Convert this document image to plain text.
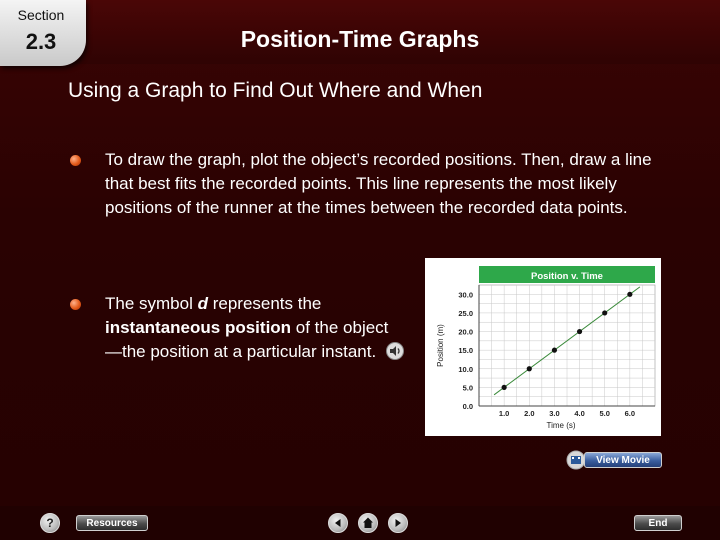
Section
2.3	Position-Time Graphs
Using a Graph to Find Out Where and When
To draw the graph, plot the object’s recorded positions. Then, draw a line that best fits the recorded points. This line represents the most likely positions of the runner at the times between the recorded data points.
The symbol d represents the instantaneous position of the object—the position at a particular instant.
Position v. Time
0.0
5.0
10.0
15.0
20.0
25.0
30.0
1.0 2.0 3.0 4.0 5.0 6.0
Time (s)
Position (m)
View Movie
?	Resources	End
